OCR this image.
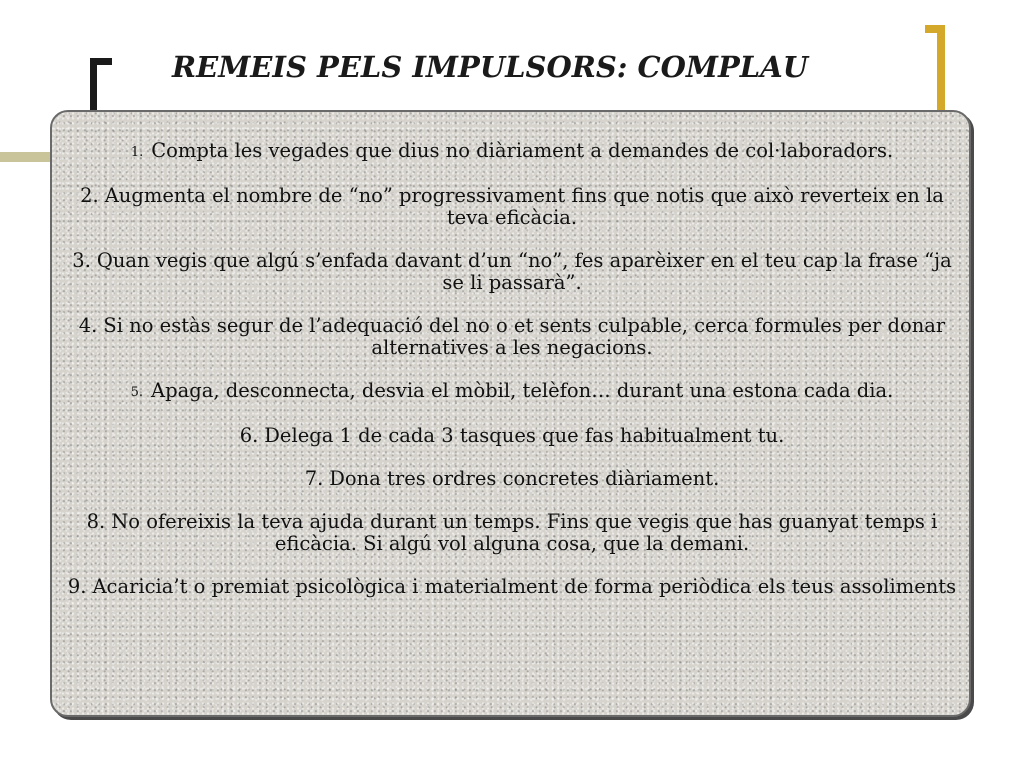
REMEIS PELS IMPULSORS: COMPLAU
1. Compta les vegades que dius no diàriament a demandes de col·laboradors.
2. Augmenta el nombre de “no” progressivament fins que notis que això reverteix en la teva eficàcia.
3. Quan vegis que algú s’enfada davant d’un “no”, fes aparèixer en el teu cap la frase “ja se li passarà”.
4. Si no estàs segur de l’adequació del no o et sents culpable, cerca formules per donar alternatives a les negacions.
5. Apaga, desconnecta, desvia el mòbil, telèfon… durant una estona cada dia.
6. Delega 1 de cada 3 tasques que fas habitualment tu.
7. Dona tres ordres concretes diàriament.
8. No ofereixis la teva ajuda durant un temps. Fins que vegis que has guanyat temps i eficàcia. Si algú vol alguna cosa, que la demani.
9. Acaricia’t o premiat psicològica i materialment de forma periòdica els teus assoliments
